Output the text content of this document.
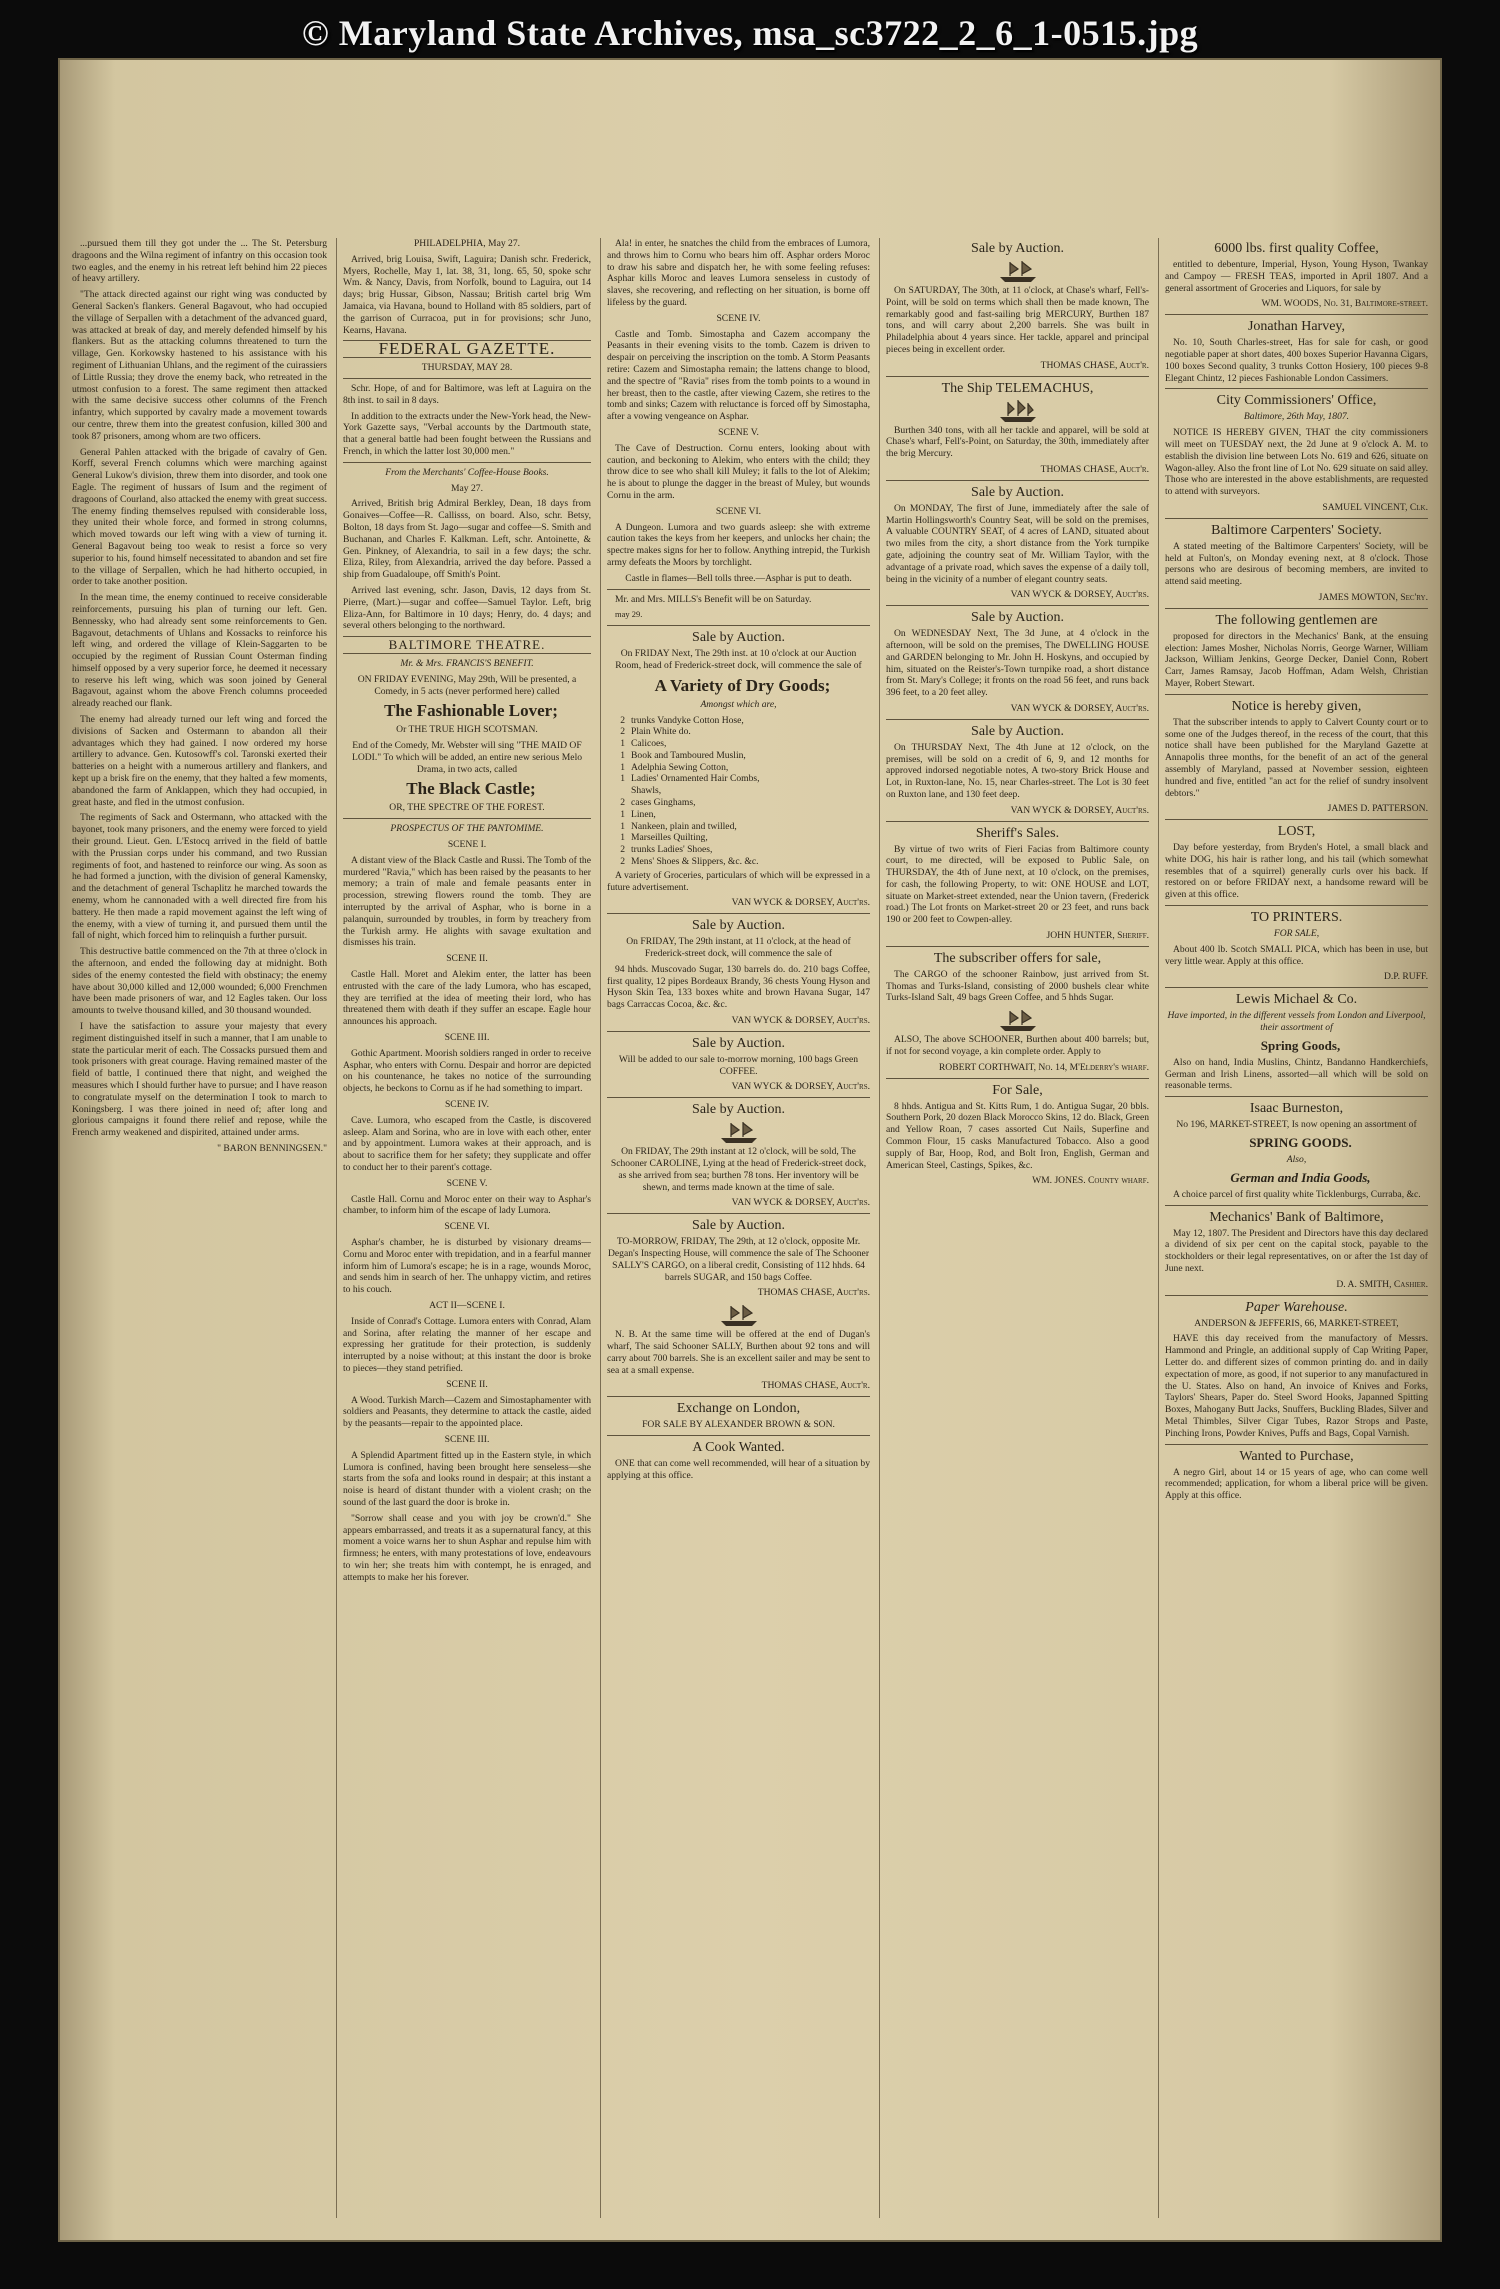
© Maryland State Archives, msa_sc3722_2_6_1-0515.jpg

...pursued them till they got under the ... The St. Petersburg dragoons and the Wilna regiment of infantry on this occasion took two eagles, and the enemy in his retreat left behind him 22 pieces of heavy artillery.

"The attack directed against our right wing was conducted by General Sacken's flankers. General Bagavout, who had occupied the village of Serpallen with a detachment of the advanced guard, was attacked at break of day, and merely defended himself by his flankers. But as the attacking columns threatened to turn the village, Gen. Korkowsky hastened to his assistance with his regiment of Lithuanian Uhlans, and the regiment of the cuirassiers of Little Russia; they drove the enemy back, who retreated in the utmost confusion to a forest. The same regiment then attacked with the same decisive success other columns of the French infantry, which supported by cavalry made a movement towards our centre, threw them into the greatest confusion, killed 300 and took 87 prisoners, among whom are two officers.

General Pahlen attacked with the brigade of cavalry of Gen. Korff, several French columns which were marching against General Lukow's division, threw them into disorder, and took one Eagle. The regiment of hussars of Isum and the regiment of dragoons of Courland, also attacked the enemy with great success. The enemy finding themselves repulsed with considerable loss, they united their whole force, and formed in strong columns, which moved towards our left wing with a view of turning it. General Bagavout being too weak to resist a force so very superior to his, found himself necessitated to abandon and set fire to the village of Serpallen, which he had hitherto occupied, in order to take another position.

In the mean time, the enemy continued to receive considerable reinforcements, pursuing his plan of turning our left. Gen. Bennessky, who had already sent some reinforcements to Gen. Bagavout, detachments of Uhlans and Kossacks to reinforce his left wing, and ordered the village of Klein-Saggarten to be occupied by the regiment of Russian Count Osterman finding himself opposed by a very superior force, he deemed it necessary to reserve his left wing, which was soon joined by General Bagavout, against whom the above French columns proceeded already reached our flank.

The enemy had already turned our left wing and forced the divisions of Sacken and Ostermann to abandon all their advantages which they had gained. I now ordered my horse artillery to advance. Gen. Kutosowff's col. Taronski exerted their batteries on a height with a numerous artillery and flankers, and kept up a brisk fire on the enemy, that they halted a few moments, abandoned the farm of Anklappen, which they had occupied, in great haste, and fled in the utmost confusion.

The regiments of Sack and Ostermann, who attacked with the bayonet, took many prisoners, and the enemy were forced to yield their ground. Lieut. Gen. L'Estocq arrived in the field of battle with the Prussian corps under his command, and two Russian regiments of foot, and hastened to reinforce our wing. As soon as he had formed a junction, with the division of general Kamensky, and the detachment of general Tschaplitz he marched towards the enemy, whom he cannonaded with a well directed fire from his battery. He then made a rapid movement against the left wing of the enemy, with a view of turning it, and pursued them until the fall of night, which forced him to relinquish a further pursuit.

This destructive battle commenced on the 7th at three o'clock in the afternoon, and ended the following day at midnight. Both sides of the enemy contested the field with obstinacy; the enemy have about 30,000 killed and 12,000 wounded; 6,000 Frenchmen have been made prisoners of war, and 12 Eagles taken. Our loss amounts to twelve thousand killed, and 30 thousand wounded.

I have the satisfaction to assure your majesty that every regiment distinguished itself in such a manner, that I am unable to state the particular merit of each. The Cossacks pursued them and took prisoners with great courage. Having remained master of the field of battle, I continued there that night, and weighed the measures which I should further have to pursue; and I have reason to congratulate myself on the determination I took to march to Koningsberg. I was there joined in need of; after long and glorious campaigns it found there relief and repose, while the French army weakened and dispirited, attained under arms.

" BARON BENNINGSEN."

PHILADELPHIA, May 27.

Arrived, brig Louisa, Swift, Laguira; Danish schr. Frederick, Myers, Rochelle, May 1, lat. 38, 31, long. 65, 50, spoke schr Wm. & Nancy, Davis, from Norfolk, bound to Laguira, out 14 days; brig Hussar, Gibson, Nassau; British cartel brig Wm Jamaica, via Havana, bound to Holland with 85 soldiers, part of the garrison of Curracoa, put in for provisions; schr Juno, Kearns, Havana.

FEDERAL GAZETTE.

THURSDAY, MAY 28.

Schr. Hope, of and for Baltimore, was left at Laguira on the 8th inst. to sail in 8 days.

In addition to the extracts under the New-York head, the New-York Gazette says, "Verbal accounts by the Dartmouth state, that a general battle had been fought between the Russians and French, in which the latter lost 30,000 men."

From the Merchants' Coffee-House Books.

May 27.

Arrived, British brig Admiral Berkley, Dean, 18 days from Gonaives—Coffee—R. Callisss, on board. Also, schr. Betsy, Bolton, 18 days from St. Jago—sugar and coffee—S. Smith and Buchanan, and Charles F. Kalkman. Left, schr. Antoinette, & Gen. Pinkney, of Alexandria, to sail in a few days; the schr. Eliza, Riley, from Alexandria, arrived the day before. Passed a ship from Guadaloupe, off Smith's Point.

Arrived last evening, schr. Jason, Davis, 12 days from St. Pierre, (Mart.)—sugar and coffee—Samuel Taylor. Left, brig Eliza-Ann, for Baltimore in 10 days; Henry, do. 4 days; and several others belonging to the northward.

BALTIMORE THEATRE.

Mr. & Mrs. FRANCIS'S BENEFIT.

ON FRIDAY EVENING, May 29th, Will be presented, a Comedy, in 5 acts (never performed here) called

The Fashionable Lover;

Or THE TRUE HIGH SCOTSMAN.

End of the Comedy, Mr. Webster will sing "THE MAID OF LODI." To which will be added, an entire new serious Melo Drama, in two acts, called

The Black Castle;

OR, THE SPECTRE OF THE FOREST.

PROSPECTUS OF THE PANTOMIME.

SCENE I.

A distant view of the Black Castle and Russi. The Tomb of the murdered "Ravia," which has been raised by the peasants to her memory; a train of male and female peasants enter in procession, strewing flowers round the tomb. They are interrupted by the arrival of Asphar, who is borne in a palanquin, surrounded by troubles, in form by treachery from the Turkish army. He alights with savage exultation and dismisses his train.

SCENE II.

Castle Hall. Moret and Alekim enter, the latter has been entrusted with the care of the lady Lumora, who has escaped, they are terrified at the idea of meeting their lord, who has threatened them with death if they suffer an escape. Eagle hour announces his approach.

SCENE III.

Gothic Apartment. Moorish soldiers ranged in order to receive Asphar, who enters with Cornu. Despair and horror are depicted on his countenance, he takes no notice of the surrounding objects, he beckons to Cornu as if he had something to impart.

SCENE IV.

Cave. Lumora, who escaped from the Castle, is discovered asleep. Alam and Sorina, who are in love with each other, enter and by appointment. Lumora wakes at their approach, and is about to sacrifice them for her safety; they supplicate and offer to conduct her to their parent's cottage.

SCENE V.

Castle Hall. Cornu and Moroc enter on their way to Asphar's chamber, to inform him of the escape of lady Lumora.

SCENE VI.

Asphar's chamber, he is disturbed by visionary dreams—Cornu and Moroc enter with trepidation, and in a fearful manner inform him of Lumora's escape; he is in a rage, wounds Moroc, and sends him in search of her. The unhappy victim, and retires to his couch.

ACT II—SCENE I.

Inside of Conrad's Cottage. Lumora enters with Conrad, Alam and Sorina, after relating the manner of her escape and expressing her gratitude for their protection, is suddenly interrupted by a noise without; at this instant the door is broke to pieces—they stand petrified.

SCENE II.

A Wood. Turkish March—Cazem and Simostaphamenter with soldiers and Peasants, they determine to attack the castle, aided by the peasants—repair to the appointed place.

SCENE III.

A Splendid Apartment fitted up in the Eastern style, in which Lumora is confined, having been brought here senseless—she starts from the sofa and looks round in despair; at this instant a noise is heard of distant thunder with a violent crash; on the sound of the last guard the door is broke in.

"Sorrow shall cease and you with joy be crown'd." She appears embarrassed, and treats it as a supernatural fancy, at this moment a voice warns her to shun Asphar and repulse him with firmness; he enters, with many protestations of love, endeavours to win her; she treats him with contempt, he is enraged, and attempts to make her his forever.

Ala! in enter, he snatches the child from the embraces of Lumora, and throws him to Cornu who bears him off. Asphar orders Moroc to draw his sabre and dispatch her, he with some feeling refuses: Asphar kills Moroc and leaves Lumora senseless in custody of slaves, she recovering, and reflecting on her situation, is borne off lifeless by the guard.

SCENE IV.

Castle and Tomb. Simostapha and Cazem accompany the Peasants in their evening visits to the tomb. Cazem is driven to despair on perceiving the inscription on the tomb. A Storm Peasants retire: Cazem and Simostapha remain; the lattens change to blood, and the spectre of "Ravia" rises from the tomb points to a wound in her breast, then to the castle, after viewing Cazem, she retires to the tomb and sinks; Cazem with reluctance is forced off by Simostapha, after a vowing vengeance on Asphar.

SCENE V.

The Cave of Destruction. Cornu enters, looking about with caution, and beckoning to Alekim, who enters with the child; they throw dice to see who shall kill Muley; it falls to the lot of Alekim; he is about to plunge the dagger in the breast of Muley, but wounds Cornu in the arm.

SCENE VI.

A Dungeon. Lumora and two guards asleep: she with extreme caution takes the keys from her keepers, and unlocks her chain; the spectre makes signs for her to follow. Anything intrepid, the Turkish army defeats the Moors by torchlight.

Castle in flames—Bell tolls three.—Asphar is put to death.

Mr. and Mrs. MILLS's Benefit will be on Saturday.

may 29.

Sale by Auction.

On FRIDAY Next, The 29th inst. at 10 o'clock at our Auction Room, head of Frederick-street dock, will commence the sale of

A Variety of Dry Goods;

Amongst which are,

2 trunks Vandyke Cotton Hose,
2 Plain White do.
1 Calicoes,
1 Book and Tamboured Muslin,
1 Adelphia Sewing Cotton,
1 Ladies' Ornamented Hair Combs,
Shawls,
2 cases Ginghams,
1 Linen,
1 Nankeen, plain and twilled,
1 Marseilles Quilting,
2 trunks Ladies' Shoes,
2 Mens' Shoes & Slippers, &c. &c.

A variety of Groceries, particulars of which will be expressed in a future advertisement.

VAN WYCK & DORSEY, Auct'rs.

Sale by Auction.

On FRIDAY, The 29th instant, at 11 o'clock, at the head of Frederick-street dock, will commence the sale of

94 hhds. Muscovado Sugar, 130 barrels do. do. 210 bags Coffee, first quality, 12 pipes Bordeaux Brandy, 36 chests Young Hyson and Hyson Skin Tea, 133 boxes white and brown Havana Sugar, 147 bags Carraccas Cocoa, &c. &c.

VAN WYCK & DORSEY, Auct'rs.

Sale by Auction.

Will be added to our sale to-morrow morning, 100 bags Green COFFEE.

VAN WYCK & DORSEY, Auct'rs.

Sale by Auction.

On FRIDAY, The 29th instant at 12 o'clock, will be sold, The Schooner CAROLINE, Lying at the head of Frederick-street dock, as she arrived from sea; burthen 78 tons. Her inventory will be shewn, and terms made known at the time of sale.

VAN WYCK & DORSEY, Auct'rs.

Sale by Auction.

TO-MORROW, FRIDAY, The 29th, at 12 o'clock, opposite Mr. Degan's Inspecting House, will commence the sale of The Schooner SALLY'S CARGO, on a liberal credit, Consisting of 112 hhds. 64 barrels SUGAR, and 150 bags Coffee.

THOMAS CHASE, Auct'rs.

N. B. At the same time will be offered at the end of Dugan's wharf, The said Schooner SALLY, Burthen about 92 tons and will carry about 700 barrels. She is an excellent sailer and may be sent to sea at a small expense.

THOMAS CHASE, Auct'r.

Exchange on London,

FOR SALE BY ALEXANDER BROWN & SON.

A Cook Wanted.

ONE that can come well recommended, will hear of a situation by applying at this office.

Sale by Auction.

On SATURDAY, The 30th, at 11 o'clock, at Chase's wharf, Fell's-Point, will be sold on terms which shall then be made known, The remarkably good and fast-sailing brig MERCURY, Burthen 187 tons, and will carry about 2,200 barrels. She was built in Philadelphia about 4 years since. Her tackle, apparel and principal pieces being in excellent order.

THOMAS CHASE, Auct'r.

The Ship TELEMACHUS,

Burthen 340 tons, with all her tackle and apparel, will be sold at Chase's wharf, Fell's-Point, on Saturday, the 30th, immediately after the brig Mercury.

THOMAS CHASE, Auct'r.

Sale by Auction.

On MONDAY, The first of June, immediately after the sale of Martin Hollingsworth's Country Seat, will be sold on the premises, A valuable COUNTRY SEAT, of 4 acres of LAND, situated about two miles from the city, a short distance from the York turnpike gate, adjoining the country seat of Mr. William Taylor, with the advantage of a private road, which saves the expense of a daily toll, being in the vicinity of a number of elegant country seats.

VAN WYCK & DORSEY, Auct'rs.

Sale by Auction.

On WEDNESDAY Next, The 3d June, at 4 o'clock in the afternoon, will be sold on the premises, The DWELLING HOUSE and GARDEN belonging to Mr. John H. Hoskyns, and occupied by him, situated on the Reister's-Town turnpike road, a short distance from St. Mary's College; it fronts on the road 56 feet, and runs back 396 feet, to a 20 feet alley.

VAN WYCK & DORSEY, Auct'rs.

Sale by Auction.

On THURSDAY Next, The 4th June at 12 o'clock, on the premises, will be sold on a credit of 6, 9, and 12 months for approved indorsed negotiable notes, A two-story Brick House and Lot, in Ruxton-lane, No. 15, near Charles-street. The Lot is 30 feet on Ruxton lane, and 130 feet deep.

VAN WYCK & DORSEY, Auct'rs.

Sheriff's Sales.

By virtue of two writs of Fieri Facias from Baltimore county court, to me directed, will be exposed to Public Sale, on THURSDAY, the 4th of June next, at 10 o'clock, on the premises, for cash, the following Property, to wit: ONE HOUSE and LOT, situate on Market-street extended, near the Union tavern, (Frederick road.) The Lot fronts on Market-street 20 or 23 feet, and runs back 190 or 200 feet to Cowpen-alley.

JOHN HUNTER, Sheriff.

The subscriber offers for sale,

The CARGO of the schooner Rainbow, just arrived from St. Thomas and Turks-Island, consisting of 2000 bushels clear white Turks-Island Salt, 49 bags Green Coffee, and 5 hhds Sugar.

ALSO, The above SCHOONER, Burthen about 400 barrels; but, if not for second voyage, a kin complete order. Apply to

ROBERT CORTHWAIT, No. 14, M'Elderry's wharf.

For Sale,

8 hhds. Antigua and St. Kitts Rum, 1 do. Antigua Sugar, 20 bbls. Southern Pork, 20 dozen Black Morocco Skins, 12 do. Black, Green and Yellow Roan, 7 cases assorted Cut Nails, Superfine and Common Flour, 15 casks Manufactured Tobacco. Also a good supply of Bar, Hoop, Rod, and Bolt Iron, English, German and American Steel, Castings, Spikes, &c.

WM. JONES. County wharf.

6000 lbs. first quality Coffee,

entitled to debenture, Imperial, Hyson, Young Hyson, Twankay and Campoy — FRESH TEAS, imported in April 1807. And a general assortment of Groceries and Liquors, for sale by

WM. WOODS, No. 31, Baltimore-street.

Jonathan Harvey,

No. 10, South Charles-street, Has for sale for cash, or good negotiable paper at short dates, 400 boxes Superior Havanna Cigars, 100 boxes Second quality, 3 trunks Cotton Hosiery, 100 pieces 9-8 Elegant Chintz, 12 pieces Fashionable London Cassimers.

City Commissioners' Office,

Baltimore, 26th May, 1807.

NOTICE IS HEREBY GIVEN, THAT the city commissioners will meet on TUESDAY next, the 2d June at 9 o'clock A. M. to establish the division line between Lots No. 619 and 626, situate on Wagon-alley. Also the front line of Lot No. 629 situate on said alley. Those who are interested in the above establishments, are requested to attend with surveyors.

SAMUEL VINCENT, Clk.

Baltimore Carpenters' Society.

A stated meeting of the Baltimore Carpenters' Society, will be held at Fulton's, on Monday evening next, at 8 o'clock. Those persons who are desirous of becoming members, are invited to attend said meeting.

JAMES MOWTON, Sec'ry.

The following gentlemen are

proposed for directors in the Mechanics' Bank, at the ensuing election: James Mosher, Nicholas Norris, George Warner, William Jackson, William Jenkins, George Decker, Daniel Conn, Robert Carr, James Ramsay, Jacob Hoffman, Adam Welsh, Christian Mayer, Robert Stewart.

Notice is hereby given,

That the subscriber intends to apply to Calvert County court or to some one of the Judges thereof, in the recess of the court, that this notice shall have been published for the Maryland Gazette at Annapolis three months, for the benefit of an act of the general assembly of Maryland, passed at November session, eighteen hundred and five, entitled "an act for the relief of sundry insolvent debtors."

JAMES D. PATTERSON.

LOST,

Day before yesterday, from Bryden's Hotel, a small black and white DOG, his hair is rather long, and his tail (which somewhat resembles that of a squirrel) generally curls over his back. If restored on or before FRIDAY next, a handsome reward will be given at this office.

TO PRINTERS.

FOR SALE,

About 400 lb. Scotch SMALL PICA, which has been in use, but very little wear. Apply at this office.

D.P. RUFF.

Lewis Michael & Co.

Have imported, in the different vessels from London and Liverpool, their assortment of

Spring Goods,

Also on hand, India Muslins, Chintz, Bandanno Handkerchiefs, German and Irish Linens, assorted—all which will be sold on reasonable terms.

Isaac Burneston,

No 196, MARKET-STREET, Is now opening an assortment of

SPRING GOODS.

Also,

German and India Goods,

A choice parcel of first quality white Ticklenburgs, Curraba, &c.

Mechanics' Bank of Baltimore,

May 12, 1807. The President and Directors have this day declared a dividend of six per cent on the capital stock, payable to the stockholders or their legal representatives, on or after the 1st day of June next.

D. A. SMITH, Cashier.

Paper Warehouse.

ANDERSON & JEFFERIS, 66, MARKET-STREET,

HAVE this day received from the manufactory of Messrs. Hammond and Pringle, an additional supply of Cap Writing Paper, Letter do. and different sizes of common printing do. and in daily expectation of more, as good, if not superior to any manufactured in the U. States. Also on hand, An invoice of Knives and Forks, Taylors' Shears, Paper do. Steel Sword Hooks, Japanned Spitting Boxes, Mahogany Butt Jacks, Snuffers, Buckling Blades, Silver and Metal Thimbles, Silver Cigar Tubes, Razor Strops and Paste, Pinching Irons, Powder Knives, Puffs and Bags, Copal Varnish.

Wanted to Purchase,

A negro Girl, about 14 or 15 years of age, who can come well recommended; application, for whom a liberal price will be given. Apply at this office.
